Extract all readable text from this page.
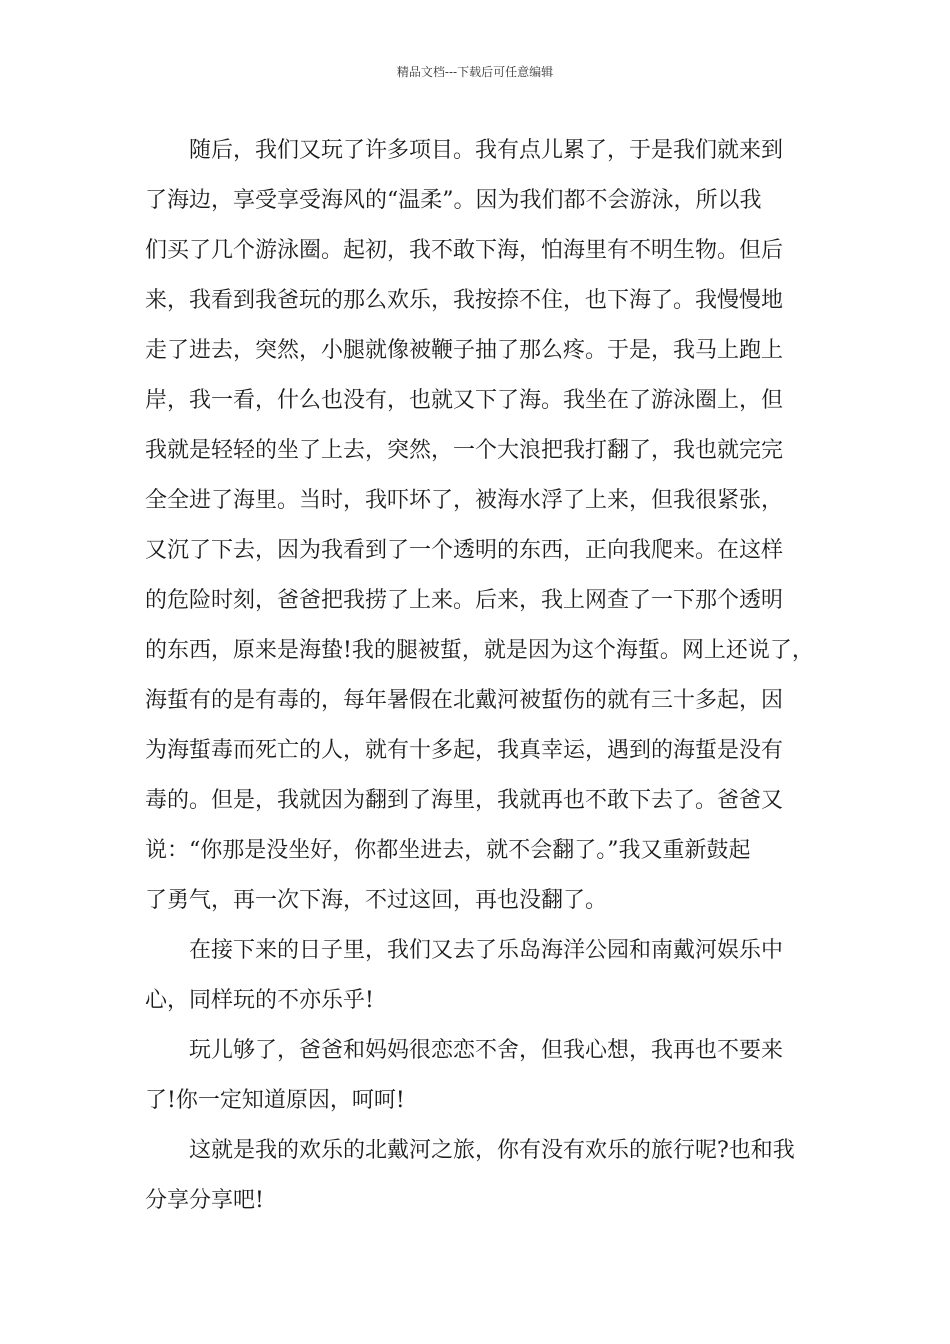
精品文档---下载后可任意编辑
随后，我们又玩了许多项目。我有点儿累了，于是我们就来到
了海边，享受享受海风的“温柔”。因为我们都不会游泳，所以我
们买了几个游泳圈。起初，我不敢下海，怕海里有不明生物。但后
来，我看到我爸玩的那么欢乐，我按捺不住，也下海了。我慢慢地
走了进去，突然，小腿就像被鞭子抽了那么疼。于是，我马上跑上
岸，我一看，什么也没有，也就又下了海。我坐在了游泳圈上，但
我就是轻轻的坐了上去，突然，一个大浪把我打翻了，我也就完完
全全进了海里。当时，我吓坏了，被海水浮了上来，但我很紧张，
又沉了下去，因为我看到了一个透明的东西，正向我爬来。在这样
的危险时刻，爸爸把我捞了上来。后来，我上网查了一下那个透明
的东西，原来是海蛰!我的腿被蜇，就是因为这个海蜇。网上还说了，
海蜇有的是有毒的，每年暑假在北戴河被蜇伤的就有三十多起，因
为海蜇毒而死亡的人，就有十多起，我真幸运，遇到的海蜇是没有
毒的。但是，我就因为翻到了海里，我就再也不敢下去了。爸爸又
说：“你那是没坐好，你都坐进去，就不会翻了。”我又重新鼓起
了勇气，再一次下海，不过这回，再也没翻了。
在接下来的日子里，我们又去了乐岛海洋公园和南戴河娱乐中
心，同样玩的不亦乐乎!
玩儿够了，爸爸和妈妈很恋恋不舍，但我心想，我再也不要来
了!你一定知道原因，呵呵!
这就是我的欢乐的北戴河之旅，你有没有欢乐的旅行呢?也和我
分享分享吧!
